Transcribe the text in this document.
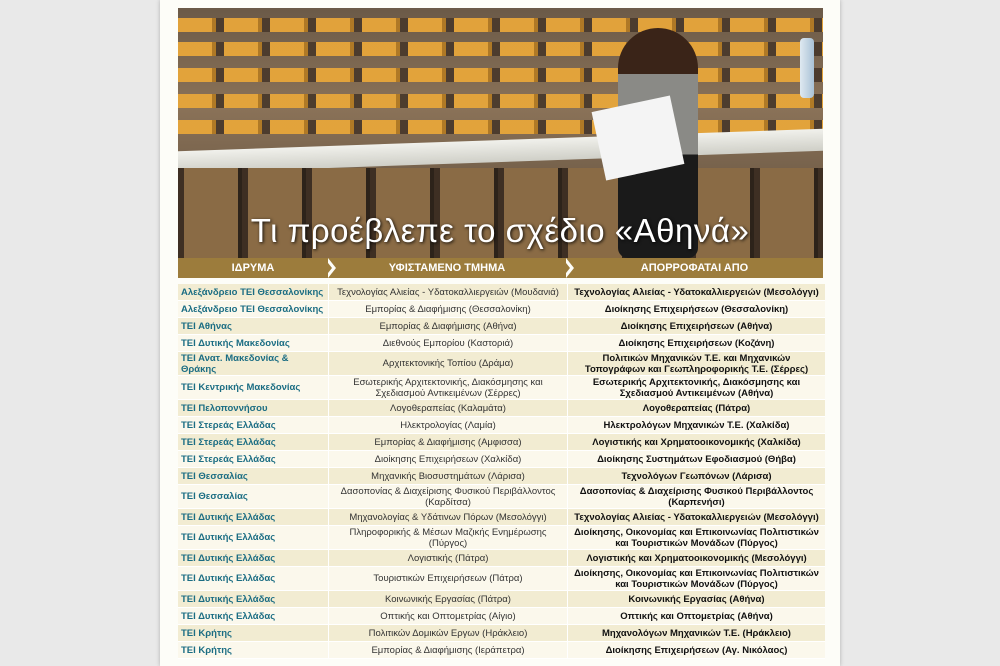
Τι προέβλεπε το σχέδιο «Αθηνά»
ΙΔΡΥΜΑ	ΥΦΙΣΤΑΜΕΝΟ ΤΜΗΜΑ	ΑΠΟΡΡΟΦΑΤΑΙ ΑΠΟ
Αλεξάνδρειο ΤΕΙ Θεσσαλονίκης	Τεχνολογίας Αλιείας - Υδατοκαλλιεργειών (Μουδανιά)	Τεχνολογίας Αλιείας - Υδατοκαλλιεργειών (Μεσολόγγι)
Αλεξάνδρειο ΤΕΙ Θεσσαλονίκης	Εμπορίας & Διαφήμισης (Θεσσαλονίκη)	Διοίκησης Επιχειρήσεων (Θεσσαλονίκη)
ΤΕΙ Αθήνας	Εμπορίας & Διαφήμισης (Αθήνα)	Διοίκησης Επιχειρήσεων (Αθήνα)
ΤΕΙ Δυτικής Μακεδονίας	Διεθνούς Εμπορίου (Καστοριά)	Διοίκησης Επιχειρήσεων (Κοζάνη)
ΤΕΙ Ανατ. Μακεδονίας & Θράκης	Αρχιτεκτονικής Τοπίου (Δράμα)	Πολιτικών Μηχανικών Τ.Ε. και Μηχανικών Τοπογράφων και Γεωπληροφορικής Τ.Ε. (Σέρρες)
ΤΕΙ Κεντρικής Μακεδονίας	Εσωτερικής Αρχιτεκτονικής, Διακόσμησης και Σχεδιασμού Αντικειμένων (Σέρρες)	Εσωτερικής Αρχιτεκτονικής, Διακόσμησης και Σχεδιασμού Αντικειμένων (Αθήνα)
ΤΕΙ Πελοποννήσου	Λογοθεραπείας (Καλαμάτα)	Λογοθεραπείας (Πάτρα)
ΤΕΙ Στερεάς Ελλάδας	Ηλεκτρολογίας (Λαμία)	Ηλεκτρολόγων Μηχανικών Τ.Ε. (Χαλκίδα)
ΤΕΙ Στερεάς Ελλάδας	Εμπορίας & Διαφήμισης (Αμφισσα)	Λογιστικής και Χρηματοοικονομικής (Χαλκίδα)
ΤΕΙ Στερεάς Ελλάδας	Διοίκησης Επιχειρήσεων (Χαλκίδα)	Διοίκησης Συστημάτων Εφοδιασμού (Θήβα)
ΤΕΙ Θεσσαλίας	Μηχανικής Βιοσυστημάτων (Λάρισα)	Τεχνολόγων Γεωπόνων (Λάρισα)
ΤΕΙ Θεσσαλίας	Δασοπονίας & Διαχείρισης Φυσικού Περιβάλλοντος (Καρδίτσα)	Δασοπονίας & Διαχείρισης Φυσικού Περιβάλλοντος (Καρπενήσι)
ΤΕΙ Δυτικής Ελλάδας	Μηχανολογίας & Υδάτινων Πόρων (Μεσολόγγι)	Τεχνολογίας Αλιείας - Υδατοκαλλιεργειών (Μεσολόγγι)
ΤΕΙ Δυτικής Ελλάδας	Πληροφορικής & Μέσων Μαζικής Ενημέρωσης (Πύργος)	Διοίκησης, Οικονομίας και Επικοινωνίας Πολιτιστικών και Τουριστικών Μονάδων (Πύργος)
ΤΕΙ Δυτικής Ελλάδας	Λογιστικής (Πάτρα)	Λογιστικής και Χρηματοοικονομικής (Μεσολόγγι)
ΤΕΙ Δυτικής Ελλάδας	Τουριστικών Επιχειρήσεων (Πάτρα)	Διοίκησης, Οικονομίας και Επικοινωνίας Πολιτιστικών και Τουριστικών Μονάδων (Πύργος)
ΤΕΙ Δυτικής Ελλάδας	Κοινωνικής Εργασίας (Πάτρα)	Κοινωνικής Εργασίας (Αθήνα)
ΤΕΙ Δυτικής Ελλάδας	Οπτικής και Οπτομετρίας (Αίγιο)	Οπτικής και Οπτομετρίας (Αθήνα)
ΤΕΙ Κρήτης	Πολιτικών Δομικών Εργων (Ηράκλειο)	Μηχανολόγων Μηχανικών Τ.Ε. (Ηράκλειο)
ΤΕΙ Κρήτης	Εμπορίας & Διαφήμισης (Ιεράπετρα)	Διοίκησης Επιχειρήσεων (Αγ. Νικόλαος)
